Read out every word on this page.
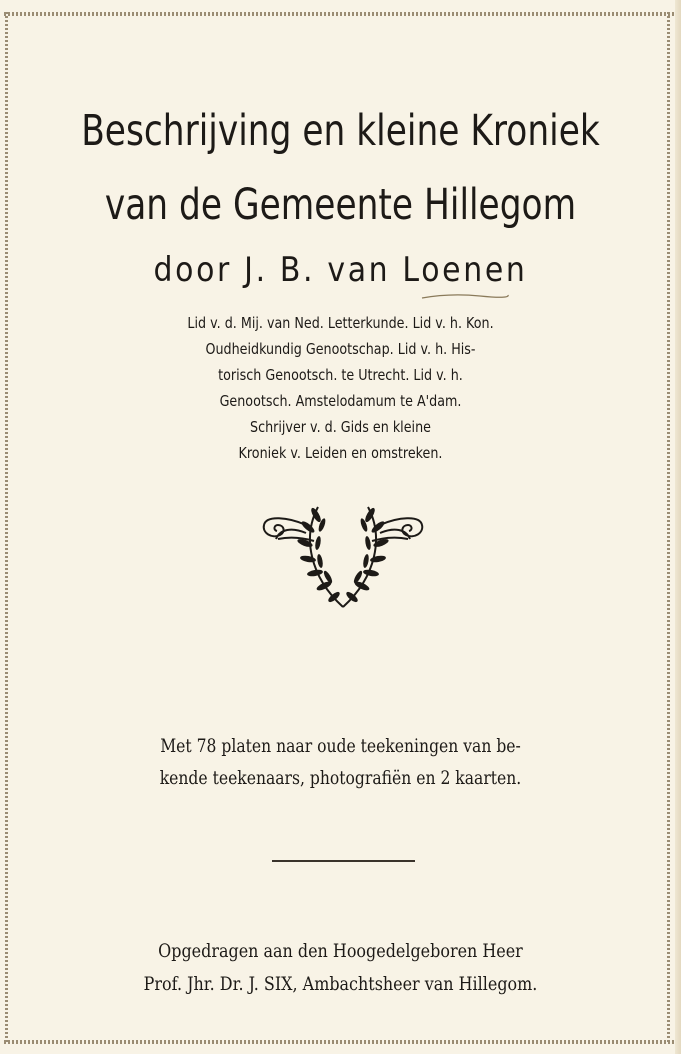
Beschrijving en kleine Kroniek
van de Gemeente Hillegom
door J. B. van Loenen
Lid v. d. Mij. van Ned. Letterkunde. Lid v. h. Kon.
Oudheidkundig Genootschap. Lid v. h. His-
torisch Genootsch. te Utrecht. Lid v. h.
Genootsch. Amstelodamum te A'dam.
Schrijver v. d. Gids en kleine
Kroniek v. Leiden en omstreken.
Met 78 platen naar oude teekeningen van be-
kende teekenaars, photografiën en 2 kaarten.
Opgedragen aan den Hoogedelgeboren Heer
Prof. Jhr. Dr. J. SIX, Ambachtsheer van Hillegom.
